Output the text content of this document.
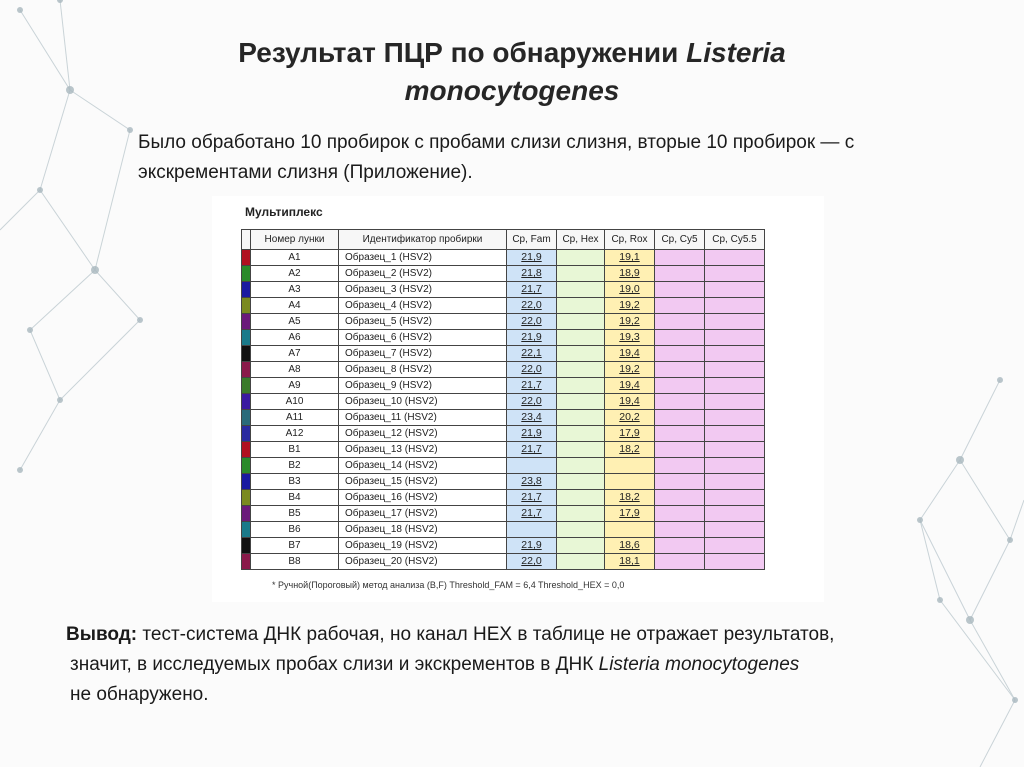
Результат ПЦР по обнаружении Listeria
monocytogenes
Было обработано 10 пробирок с пробами слизи слизня, вторые 10 пробирок — с экскрементами слизня (Приложение).
Мультиплекс
	Номер лунки	Идентификатор пробирки	Cp, Fam	Cp, Hex	Cp, Rox	Cp, Cy5	Cp, Cy5.5
	A1	Образец_1 (HSV2)	21,9		19,1		
	A2	Образец_2 (HSV2)	21,8		18,9		
	A3	Образец_3 (HSV2)	21,7		19,0		
	A4	Образец_4 (HSV2)	22,0		19,2		
	A5	Образец_5 (HSV2)	22,0		19,2		
	A6	Образец_6 (HSV2)	21,9		19,3		
	A7	Образец_7 (HSV2)	22,1		19,4		
	A8	Образец_8 (HSV2)	22,0		19,2		
	A9	Образец_9 (HSV2)	21,7		19,4		
	A10	Образец_10 (HSV2)	22,0		19,4		
	A11	Образец_11 (HSV2)	23,4		20,2		
	A12	Образец_12 (HSV2)	21,9		17,9		
	B1	Образец_13 (HSV2)	21,7		18,2		
	B2	Образец_14 (HSV2)					
	B3	Образец_15 (HSV2)	23,8				
	B4	Образец_16 (HSV2)	21,7		18,2		
	B5	Образец_17 (HSV2)	21,7		17,9		
	B6	Образец_18 (HSV2)					
	B7	Образец_19 (HSV2)	21,9		18,6		
	B8	Образец_20 (HSV2)	22,0		18,1		
* Ручной(Пороговый) метод анализа (B,F) Threshold_FAM = 6,4 Threshold_HEX = 0,0
Вывод: тест-система ДНК рабочая, но канал HEX в таблице не отражает результатов,
значит, в исследуемых пробах слизи и экскрементов в ДНК Listeria monocytogenes
не обнаружено.
